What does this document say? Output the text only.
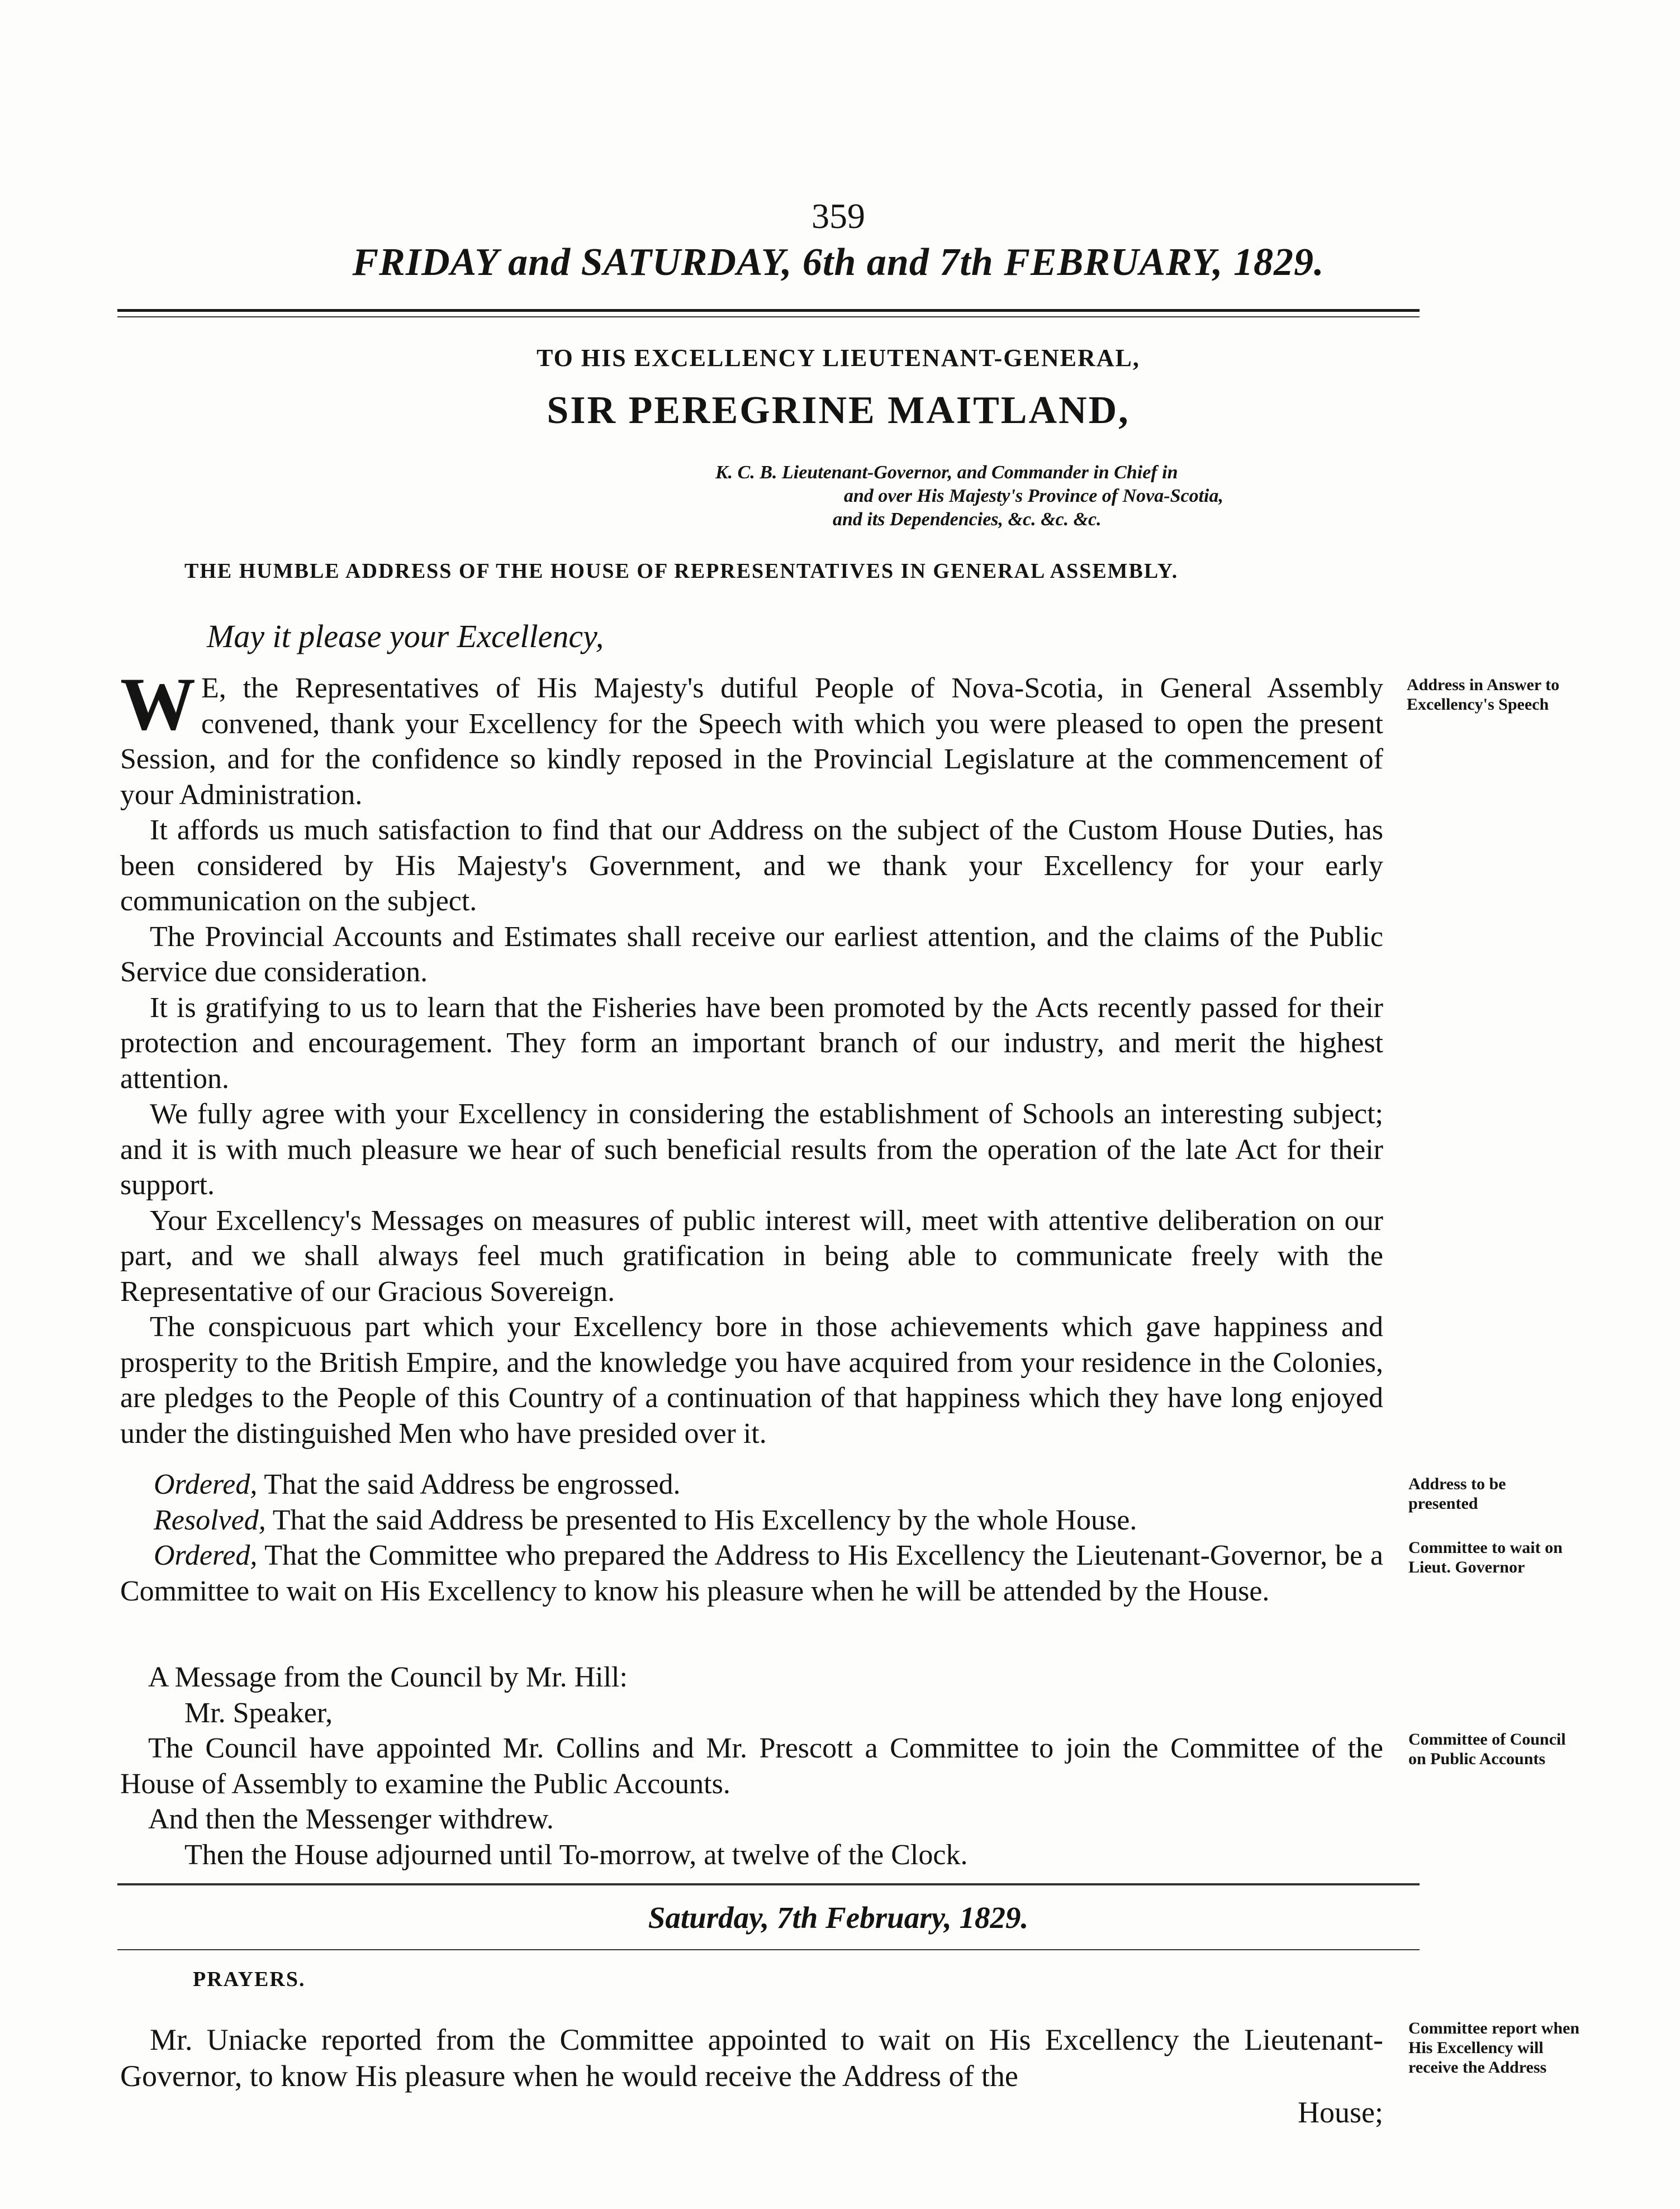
359
FRIDAY and SATURDAY, 6th and 7th FEBRUARY, 1829.
TO HIS EXCELLENCY LIEUTENANT-GENERAL,
SIR PEREGRINE MAITLAND,
K. C. B. Lieutenant-Governor, and Commander in Chief in
and over His Majesty's Province of Nova-Scotia,
and its Dependencies, &c. &c. &c.
THE HUMBLE ADDRESS OF THE HOUSE OF REPRESENTATIVES IN GENERAL ASSEMBLY.
May it please your Excellency,

W E, the Representatives of His Majesty's dutiful People of Nova-Scotia, in General Assembly convened, thank your Excellency for the Speech with which you were pleased to open the present Session, and for the confidence so kindly reposed in the Provincial Legislature at the commencement of your Administration.

It affords us much satisfaction to find that our Address on the subject of the Custom House Duties, has been considered by His Majesty's Government, and we thank your Excellency for your early communication on the subject.

The Provincial Accounts and Estimates shall receive our earliest attention, and the claims of the Public Service due consideration.

It is gratifying to us to learn that the Fisheries have been promoted by the Acts recently passed for their protection and encouragement. They form an important branch of our industry, and merit the highest attention.

We fully agree with your Excellency in considering the establishment of Schools an interesting subject; and it is with much pleasure we hear of such beneficial results from the operation of the late Act for their support.

Your Excellency's Messages on measures of public interest will, meet with attentive deliberation on our part, and we shall always feel much gratification in being able to communicate freely with the Representative of our Gracious Sovereign.

The conspicuous part which your Excellency bore in those achievements which gave happiness and prosperity to the British Empire, and the knowledge you have acquired from your residence in the Colonies, are pledges to the People of this Country of a continuation of that happiness which they have long enjoyed under the distinguished Men who have presided over it.

Ordered, That the said Address be engrossed.

Resolved, That the said Address be presented to His Excellency by the whole House.

Ordered, That the Committee who prepared the Address to His Excellency the Lieutenant-Governor, be a Committee to wait on His Excellency to know his pleasure when he will be attended by the House.

A Message from the Council by Mr. Hill:

Mr. Speaker,

The Council have appointed Mr. Collins and Mr. Prescott a Committee to join the Committee of the House of Assembly to examine the Public Accounts.

And then the Messenger withdrew.

Then the House adjourned until To-morrow, at twelve of the Clock.

Saturday, 7th February, 1829.
PRAYERS.

Mr. Uniacke reported from the Committee appointed to wait on His Excellency the Lieutenant-Governor, to know His pleasure when he would receive the Address of the

House;
Address in Answer to Excellency's Speech
Address to be presented
Committee to wait on Lieut. Governor
Committee of Council on Public Accounts
Committee report when His Excellency will receive the Address
